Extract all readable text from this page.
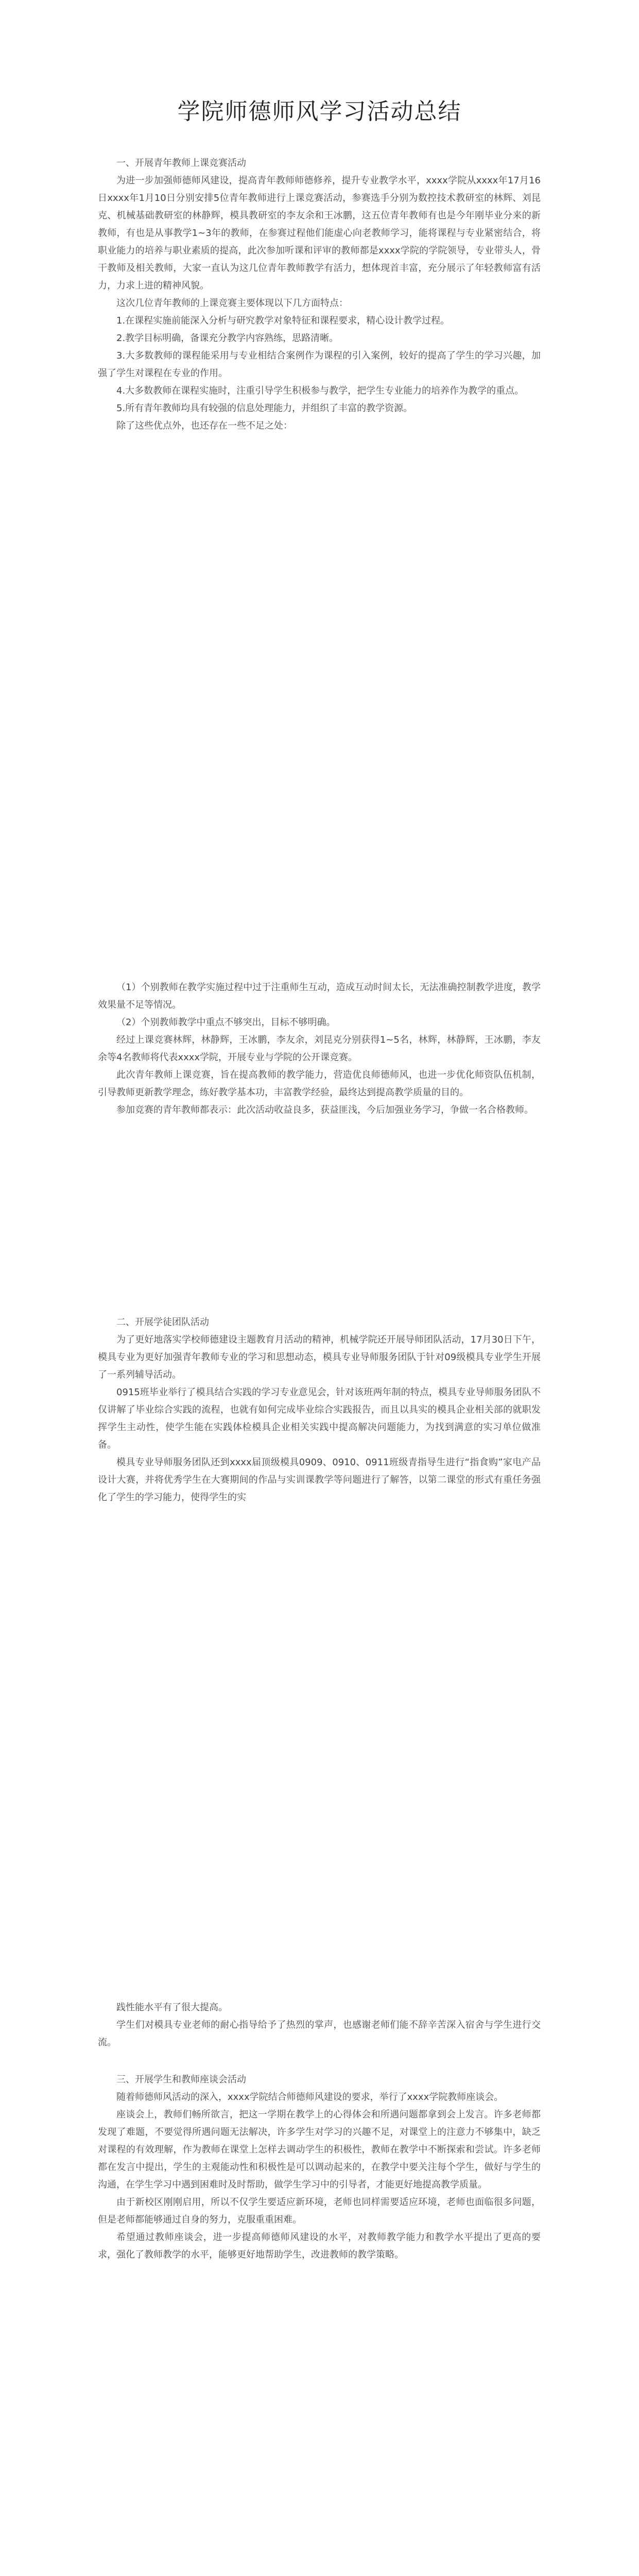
学院师德师风学习活动总结

一、开展青年教师上课竞赛活动

为进一步加强师德师风建设，提高青年教师师德修养，提升专业教学水平，xxxx学院从xxxx年17月16日xxxx年1月10日分别安排5位青年教师进行上课竞赛活动，参赛选手分别为数控技术教研室的林辉、刘昆克、机械基础教研室的林静辉，模具教研室的李友余和王冰鹏，这五位青年教师有也是今年刚毕业分来的新教师，有也是从事教学1~3年的教师，在参赛过程他们能虚心向老教师学习，能将课程与专业紧密结合，将职业能力的培养与职业素质的提高，此次参加听课和评审的教师都是xxxx学院的学院领导，专业带头人，骨干教师及相关教师，大家一直认为这几位青年教师教学有活力，想体现首丰富，充分展示了年轻教师富有活力，力求上进的精神风貌。

这次几位青年教师的上课竞赛主要体现以下几方面特点：

1.在课程实施前能深入分析与研究教学对象特征和课程要求，精心设计教学过程。

2.教学目标明确，备课充分教学内容熟练，思路清晰。

3.大多数教师的课程能采用与专业相结合案例作为课程的引入案例，较好的提高了学生的学习兴趣，加强了学生对课程在专业的作用。

4.大多数教师在课程实施时，注重引导学生积极参与教学，把学生专业能力的培养作为教学的重点。

5.所有青年教师均具有较强的信息处理能力，并组织了丰富的教学资源。

除了这些优点外，也还存在一些不足之处：

（1）个别教师在教学实施过程中过于注重师生互动，造成互动时间太长，无法准确控制教学进度，教学效果量不足等情况。

（2）个别教师教学中重点不够突出，目标不够明确。

经过上课竞赛林辉，林静辉，王冰鹏，李友余，刘昆克分别获得1~5名，林辉，林静辉，王冰鹏，李友余等4名教师将代表xxxx学院，开展专业与学院的公开课竞赛。

此次青年教师上课竞赛，旨在提高教师的教学能力，营造优良师德师风，也进一步优化师资队伍机制，引导教师更新教学理念，练好教学基本功，丰富教学经验，最终达到提高教学质量的目的。

参加竞赛的青年教师都表示：此次活动收益良多，获益匪浅，今后加强业务学习，争做一名合格教师。

二、开展学徒团队活动

为了更好地落实学校师德建设主题教育月活动的精神，机械学院还开展导师团队活动，17月30日下午，模具专业为更好加强青年教师专业的学习和思想动态，模具专业导师服务团队于针对09级模具专业学生开展了一系列辅导活动。

0915班毕业举行了模具结合实践的学习专业意见会，针对该班两年制的特点，模具专业导师服务团队不仅讲解了毕业综合实践的流程，也就有如何完成毕业综合实践报告，而且以具实的模具企业相关部的就职发挥学生主动性，使学生能在实践体检模具企业相关实践中提高解决问题能力，为找到满意的实习单位做准备。

模具专业导师服务团队还到xxxx届顶级模具0909、0910、0911班级青指导生进行“指食购”家电产品设计大赛，并将优秀学生在大赛期间的作品与实训课教学等问题进行了解答，以第二课堂的形式有重任务强化了学生的学习能力，使得学生的实

践性能水平有了很大提高。

学生们对模具专业老师的耐心指导给予了热烈的掌声，也感谢老师们能不辞辛苦深入宿舍与学生进行交流。

三、开展学生和教师座谈会活动

随着师德师风活动的深入，xxxx学院结合师德师风建设的要求，举行了xxxx学院教师座谈会。

座谈会上，教师们畅所欲言，把这一学期在教学上的心得体会和所遇问题都拿到会上发言。许多老师都发现了难题，不要觉得所遇问题无法解决，许多学生对学习的兴趣不足，对课堂上的注意力不够集中，缺乏对课程的有效理解，作为教师在课堂上怎样去调动学生的积极性，教师在教学中不断探索和尝试。许多老师都在发言中提出，学生的主观能动性和积极性是可以调动起来的，在教学中要关注每个学生，做好与学生的沟通，在学生学习中遇到困难时及时帮助，做学生学习中的引导者，才能更好地提高教学质量。

由于新校区刚刚启用，所以不仅学生要适应新环境，老师也同样需要适应环境，老师也面临很多问题，但是老师都能够通过自身的努力，克服重重困难。

希望通过教师座谈会，进一步提高师德师风建设的水平，对教师教学能力和教学水平提出了更高的要求，强化了教师教学的水平，能够更好地帮助学生，改进教师的教学策略。
